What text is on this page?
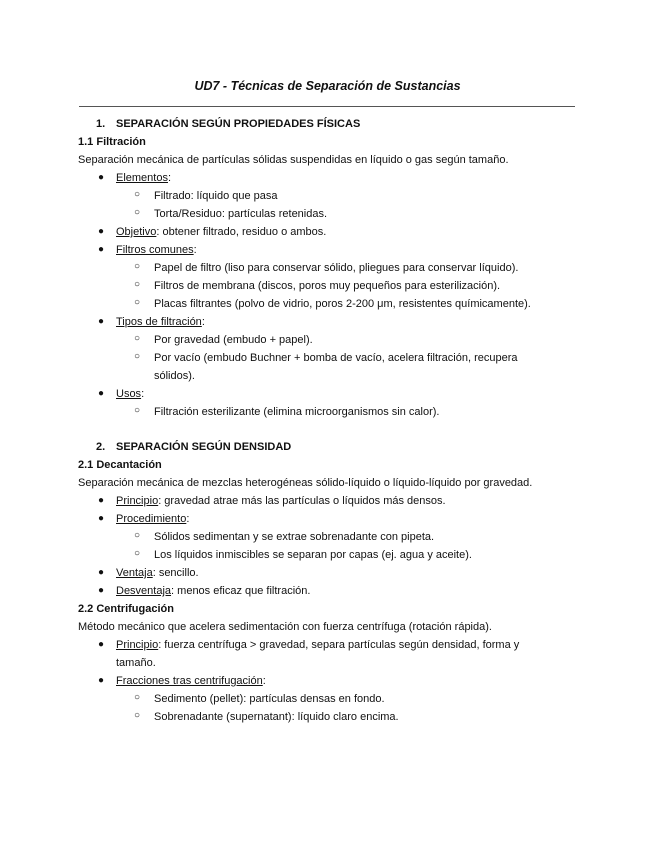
UD7 - Técnicas de Separación de Sustancias

1. SEPARACIÓN SEGÚN PROPIEDADES FÍSICAS

1.1 Filtración

Separación mecánica de partículas sólidas suspendidas en líquido o gas según tamaño.

● Elementos:

○ Filtrado: líquido que pasa

○ Torta/Residuo: partículas retenidas.

● Objetivo: obtener filtrado, residuo o ambos.

● Filtros comunes:

○ Papel de filtro (liso para conservar sólido, pliegues para conservar líquido).

○ Filtros de membrana (discos, poros muy pequeños para esterilización).

○ Placas filtrantes (polvo de vidrio, poros 2-200 μm, resistentes químicamente).

● Tipos de filtración:

○ Por gravedad (embudo + papel).

○ Por vacío (embudo Buchner + bomba de vacío, acelera filtración, recupera

sólidos).

● Usos:

○ Filtración esterilizante (elimina microorganismos sin calor).

2. SEPARACIÓN SEGÚN DENSIDAD

2.1 Decantación

Separación mecánica de mezclas heterogéneas sólido-líquido o líquido-líquido por gravedad.

● Principio: gravedad atrae más las partículas o líquidos más densos.

● Procedimiento:

○ Sólidos sedimentan y se extrae sobrenadante con pipeta.

○ Los líquidos inmiscibles se separan por capas (ej. agua y aceite).

● Ventaja: sencillo.

● Desventaja: menos eficaz que filtración.

2.2 Centrifugación

Método mecánico que acelera sedimentación con fuerza centrífuga (rotación rápida).

● Principio: fuerza centrífuga > gravedad, separa partículas según densidad, forma y

tamaño.

● Fracciones tras centrifugación:

○ Sedimento (pellet): partículas densas en fondo.

○ Sobrenadante (supernatant): líquido claro encima.
